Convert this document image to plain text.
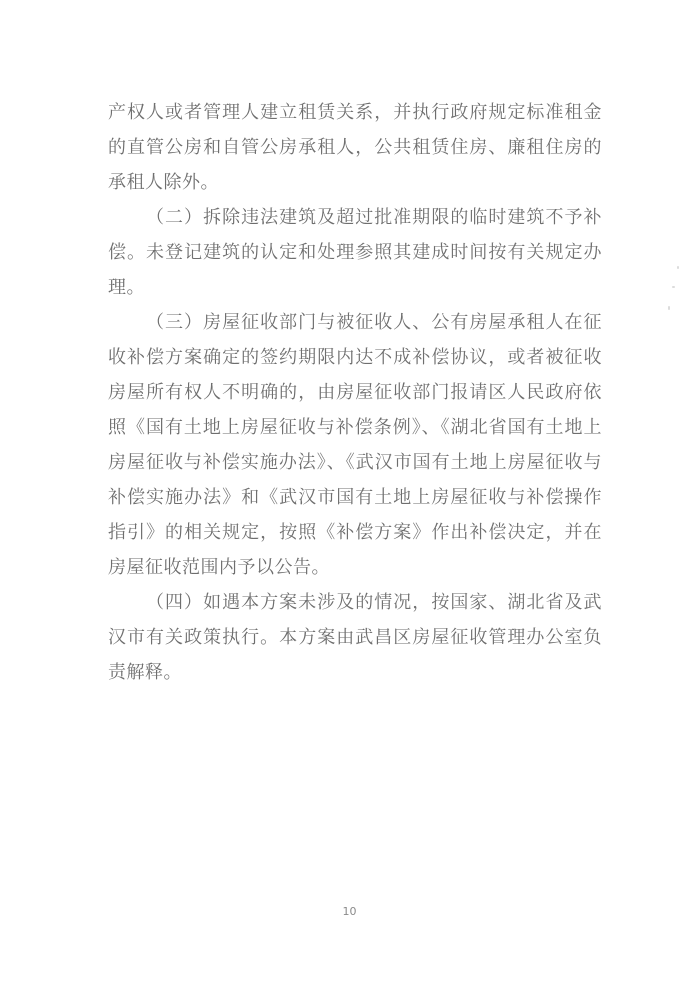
产权人或者管理人建立租赁关系，并执行政府规定标准租金
的直管公房和自管公房承租人，公共租赁住房、廉租住房的
承租人除外。
（二）拆除违法建筑及超过批准期限的临时建筑不予补
偿。未登记建筑的认定和处理参照其建成时间按有关规定办
理。
（三）房屋征收部门与被征收人、公有房屋承租人在征
收补偿方案确定的签约期限内达不成补偿协议，或者被征收
房屋所有权人不明确的，由房屋征收部门报请区人民政府依
照《国有土地上房屋征收与补偿条例》、《湖北省国有土地上
房屋征收与补偿实施办法》、《武汉市国有土地上房屋征收与
补偿实施办法》和《武汉市国有土地上房屋征收与补偿操作
指引》的相关规定，按照《补偿方案》作出补偿决定，并在
房屋征收范围内予以公告。
（四）如遇本方案未涉及的情况，按国家、湖北省及武
汉市有关政策执行。本方案由武昌区房屋征收管理办公室负
责解释。
10
